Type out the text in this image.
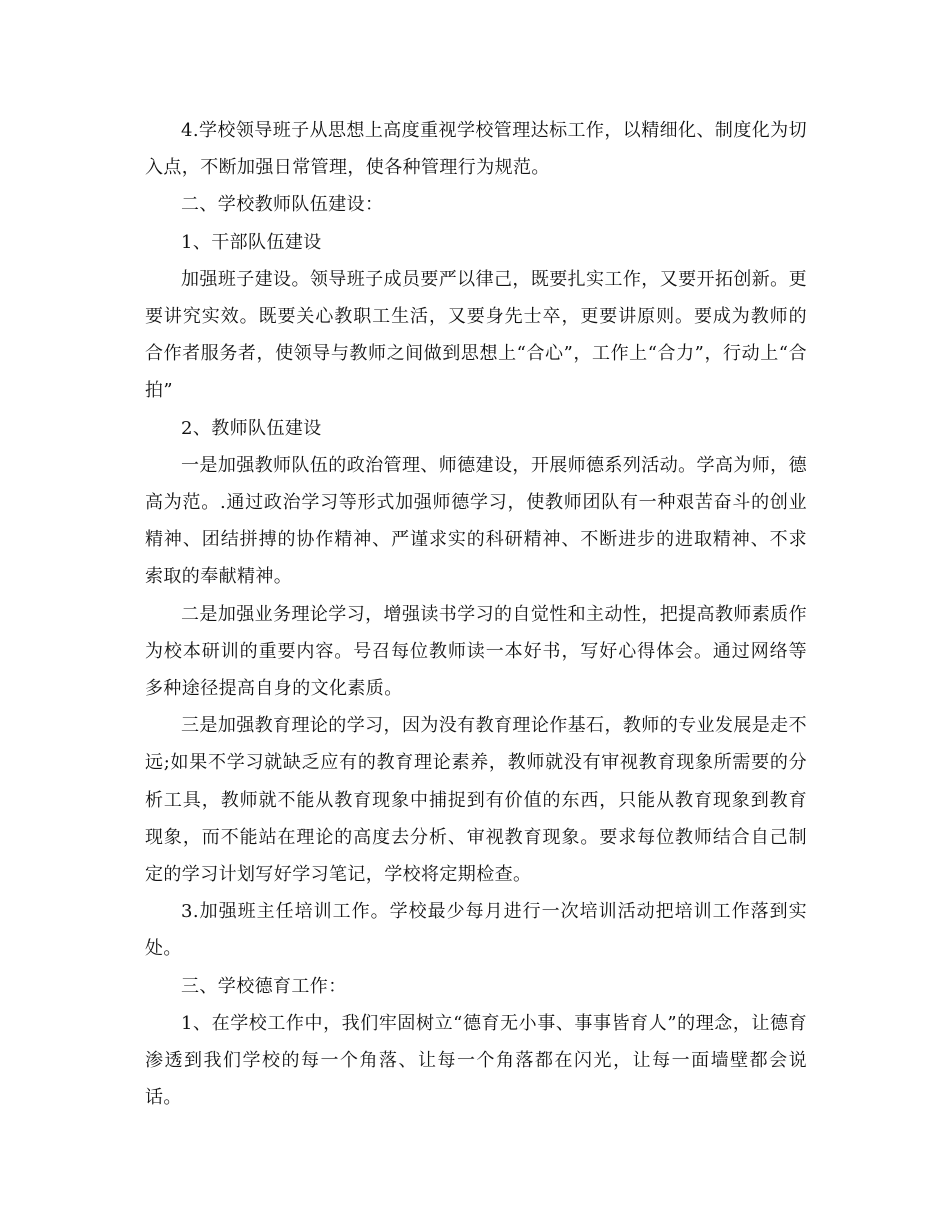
4.学校领导班子从思想上高度重视学校管理达标工作，以精细化、制度化为切入点，不断加强日常管理，使各种管理行为规范。

二、学校教师队伍建设：

1、干部队伍建设

加强班子建设。领导班子成员要严以律己，既要扎实工作，又要开拓创新。更要讲究实效。既要关心教职工生活，又要身先士卒，更要讲原则。要成为教师的合作者服务者，使领导与教师之间做到思想上“合心”，工作上“合力”，行动上“合拍”

2、教师队伍建设

一是加强教师队伍的政治管理、师德建设，开展师德系列活动。学高为师，德高为范。.通过政治学习等形式加强师德学习，使教师团队有一种艰苦奋斗的创业精神、团结拼搏的协作精神、严谨求实的科研精神、不断进步的进取精神、不求索取的奉献精神。

二是加强业务理论学习，增强读书学习的自觉性和主动性，把提高教师素质作为校本研训的重要内容。号召每位教师读一本好书，写好心得体会。通过网络等多种途径提高自身的文化素质。

三是加强教育理论的学习，因为没有教育理论作基石，教师的专业发展是走不远;如果不学习就缺乏应有的教育理论素养，教师就没有审视教育现象所需要的分析工具，教师就不能从教育现象中捕捉到有价值的东西，只能从教育现象到教育现象，而不能站在理论的高度去分析、审视教育现象。要求每位教师结合自己制定的学习计划写好学习笔记，学校将定期检查。

3.加强班主任培训工作。学校最少每月进行一次培训活动把培训工作落到实处。

三、学校德育工作：

1、在学校工作中，我们牢固树立“德育无小事、事事皆育人”的理念，让德育渗透到我们学校的每一个角落、让每一个角落都在闪光，让每一面墙壁都会说话。
